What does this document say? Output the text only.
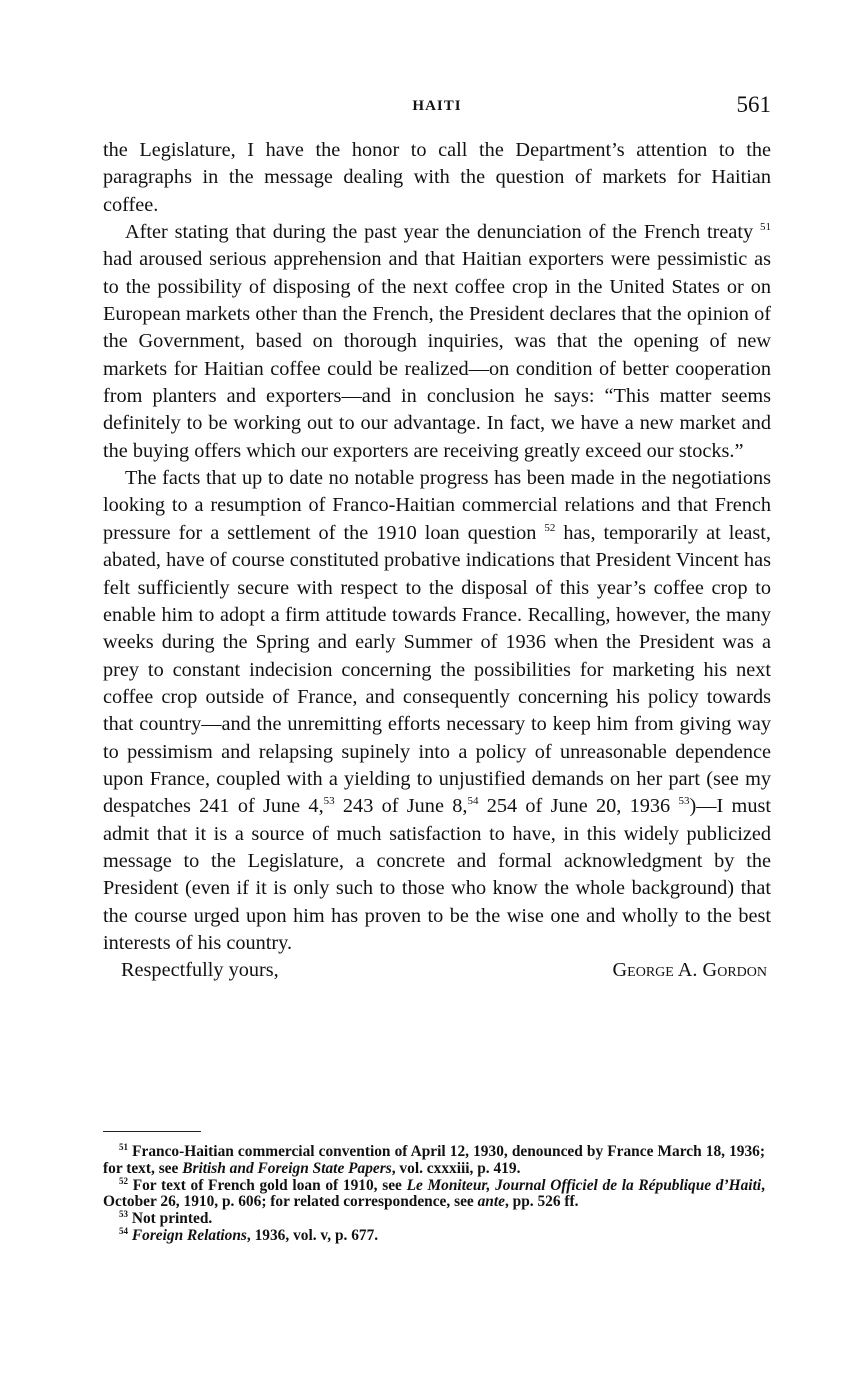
HAITI	561

the Legislature, I have the honor to call the Department’s attention to the paragraphs in the message dealing with the question of markets for Haitian coffee.

After stating that during the past year the denunciation of the French treaty $^{51}$ had aroused serious apprehension and that Haitian exporters were pessimistic as to the possibility of disposing of the next coffee crop in the United States or on European markets other than the French, the President declares that the opinion of the Government, based on thorough inquiries, was that the opening of new markets for Haitian coffee could be realized—on condition of better cooperation from planters and exporters—and in conclusion he says: “This matter seems definitely to be working out to our advantage. In fact, we have a new market and the buying offers which our exporters are receiving greatly exceed our stocks.”

The facts that up to date no notable progress has been made in the negotiations looking to a resumption of Franco-Haitian commercial relations and that French pressure for a settlement of the 1910 loan question $^{52}$ has, temporarily at least, abated, have of course constituted probative indications that President Vincent has felt sufficiently secure with respect to the disposal of this year’s coffee crop to enable him to adopt a firm attitude towards France. Recalling, however, the many weeks during the Spring and early Summer of 1936 when the President was a prey to constant indecision concerning the possibilities for marketing his next coffee crop outside of France, and consequently concerning his policy towards that country—and the unremitting efforts necessary to keep him from giving way to pessimism and relapsing supinely into a policy of unreasonable dependence upon France, coupled with a yielding to unjustified demands on her part (see my despatches 241 of June 4,53 243 of June 8,54 254 of June 20, 1936 $^{53}$)—I must admit that it is a source of much satisfaction to have, in this widely publicized message to the Legislature, a concrete and formal acknowledgment by the President (even if it is only such to those who know the whole background) that the course urged upon him has proven to be the wise one and wholly to the best interests of his country.

Respectfully yours,	George A. Gordon

$^{51}$ Franco-Haitian commercial convention of April 12, 1930, denounced by France March 18, 1936; for text, see British and Foreign State Papers, vol. cxxxiii, p. 419.

$^{52}$ For text of French gold loan of 1910, see Le Moniteur, Journal Officiel de la République d’Haiti, October 26, 1910, p. 606; for related correspondence, see ante, pp. 526 ff.

$^{53}$ Not printed.

$^{54}$ Foreign Relations, 1936, vol. v, p. 677.
